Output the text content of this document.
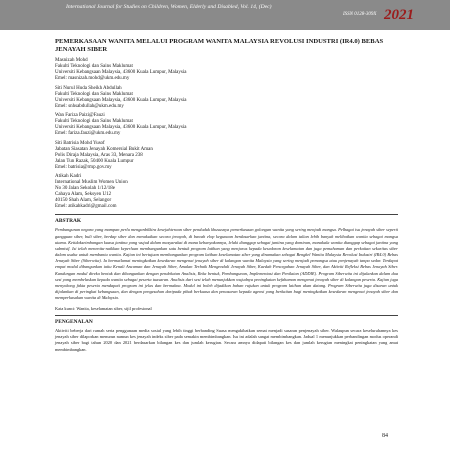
International Journal for Studies on Children, Women, Elderly and Disabled, Vol. 14, (Dec)
ISSN 0128-309X 2021
PEMERKASAAN WANITA MELALUI PROGRAM WANITA MALAYSIA REVOLUSI INDUSTRI (IR4.0) BEBAS JENAYAH SIBER
Masnizah Mohd
Fakulti Teknologi dan Sains Maklumat
Universiti Kebangsaan Malaysia, 43600 Kuala Lumpur, Malaysia
Emel: masnizah.mohd@ukm.edu.my
Siti Nurul Huda Sheikh Abdullah
Fakulti Teknologi dan Sains Maklumat
Universiti Kebangsaan Malaysia, 43600 Kuala Lumpur, Malaysia
Emel: snhsabdullah@ukm.edu.my
Wan Fariza Paizi@Fauzi
Fakulti Teknologi dan Sains Maklumat
Universiti Kebangsaan Malaysia, 43600 Kuala Lumpur, Malaysia
Emel: fariza.fauzi@ukm.edu.my
Siti Batrisia Mohd Yusof
Jabatan Siasatan Jenayah Komersial Bukit Aman
Polis Diraja Malaysia, Aras 33, Menara 238
Jalan Tun Razak, 50400 Kuala Lumpur
Emel: batrisia@rmp.gov.my
Atikah Kadri
International Muslim Women Union
No 30 Jalan Sekolah 1/12/18e
Cahaya Alam, Seksyen U12
40150 Shah Alam, Selangor
Emel: atikahkadri@gmail.com
ABSTRAK

Pembangunan negara yang mampan perlu menganbilkira kesejahteraan siber penduduk khususnya pemerkasaan golongan wanita yang sering menjadi mangsa. Pelbagai isu jenayah siber seperti gangguan siber, buli siber, berdap siber dan menakutkan secara jenayah, di bawah elop kegunaan berdasarkan jantina, secara dalam talian lebih banyak melibatkan wanita sebagai mangsa utama. Ketidakseimbangan kuasa jantina yang wujud dalam masyarakat di mana kebanyakannya, lelaki dianggap sebagai jantina yang dominan, manakala wanita dianggap sebagai jantina yang submisif. Isi telah menenitu-naikkan keperluan membangunkan satu bentuk program latihan yang menjurus kepada kesedaran keselamatan dan juga pemahaman dan perkaitan sekuritas siber dalam usaha untuk membantu wanita. Kajian ini bertujuan membangunkan program latihan keselamatan siber yang dinamakan sebagai Bengkel Wanita Malaysia Revolusi Industri (IR4.0) Bebas Jenayah Siber (Siberwita). Ia bermatlamat meningkatkan kesedaran mengenai jenayah siber di kalangan wanita Malaysia yang sering menjadi pemangsa atau penjenayah tanpa sedar. Terdapat empat modul dibangunkan iaitu Kenali Ancaman dan Jenayah Siber, Amalan Terbaik Mengendali Jenayah Siber, Kaedah Pencegahan Jenayah Siber, dan Aktiviti Refleksi Bebas Jenayah Siber. Kandungan modul direka bentuk dan dibangunkan dengan pendekatan Analisis, Reka bentuk, Pembangunan, Implementasi dan Penilaian (ADDIE). Program Siberwita ini dijalankan dalam dua sesi yang membelaskan kepada wanita sebagai peserta tuasaran. Analisis dari sesi telah menunjukkan wujudnya peningkatan kefahaman mengenai jenayah siber di kalangan peserta. Kajian juga menyokong fakta peserta mendapati program ini jelas dan bermakna. Modul ini boleh dijadikan bahan rujukan untuk program latihan akan datang. Program Siberwita juga disaran untuk dijalankan di peringkat kebangsaan, dan dengan pengesahan daripada pihak berkuasa dan penasaran kepada agensi yang berkaitan bagi meningkatkan kesedaran mengenai jenayah siber dan memperkasakan wanita di Malaysia.

Kata kunci: Wanita, keselamatan siber, sijil profesional
PENGENALAN

Aktiviti beberja dari rumah serta penggunaan media sosial yang lebih tinggi berbanding Suasa mengakibatkan semat menjadi sasaran penjenayah siber. Walaupun secara keseluruhannya kes jenayah siber dilaporkan menurun namun kes jenayah indeks siber pada semakin membimbangkan. Isu ini adalah sangat membimbangkan. Jadual 1 menunjukkan perbandingan modus operandi jenayah siber bagi tahun 2020 dan 2021 berdasarkan bilangan kes dan jumlah kerugian. Secara amnya didapati bilangan kes dan jumlah kerugian meningkat peningkatan yang amat membimbangkan.

84
